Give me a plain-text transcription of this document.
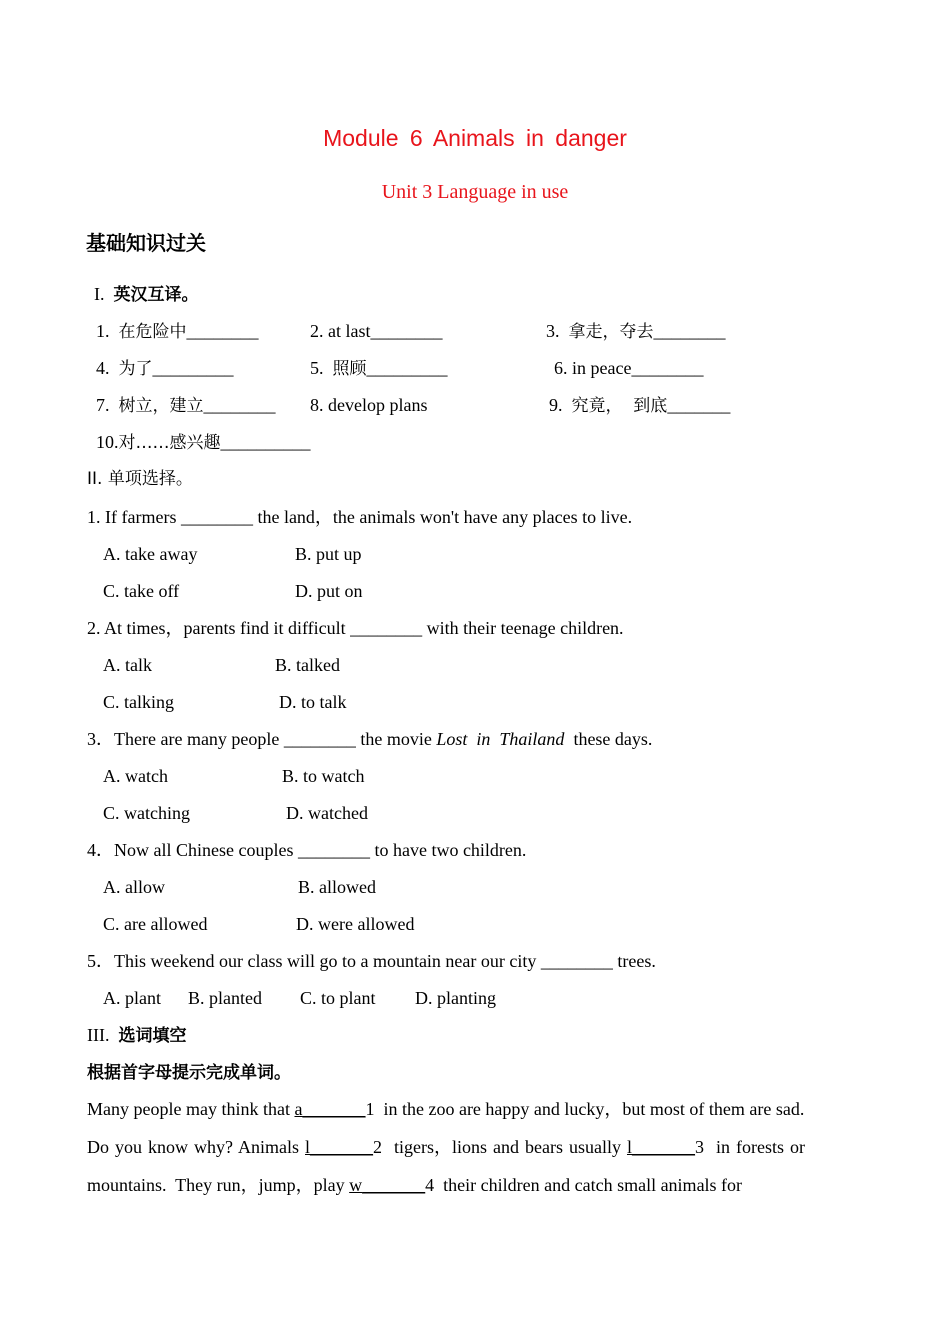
Module 6 Animals in danger
Unit 3 Language in use
基础知识过关
I. 英汉互译。
1. 在危险中________	2. at last________	3. 拿走，夺去________
4. 为了_________	5. 照顾_________	6. in peace________
7. 树立，建立________ 8. develop plans	9. 究竟，  到底_______
10.对……感兴趣__________
II. 单项选择。
1. If farmers ________ the land，the animals won't have any places to live.
A. take away	B. put up
C. take off	D. put on
2. At times，parents find it difficult ________ with their teenage children.
A. talk	B. talked
C. talking	D. to talk
3．There are many people ________ the movie Lost  in  Thailand  these days.
A. watch	B. to watch
C. watching	D. watched
4．Now all Chinese couples ________ to have two children.
A. allow	B. allowed
C. are allowed	D. were allowed
5．This weekend our class will go to a mountain near our city ________ trees.
A. plant B. planted C. to plant D. planting
III. 选词填空
根据首字母提示完成单词。
Many people may think that a_______1  in the zoo are happy and lucky，but most of them are sad.
Do you know why? Animals l_______2  tigers，lions and bears usually l_______3  in forests or
mountains.  They run，jump，play w_______4  their children and catch small animals for
